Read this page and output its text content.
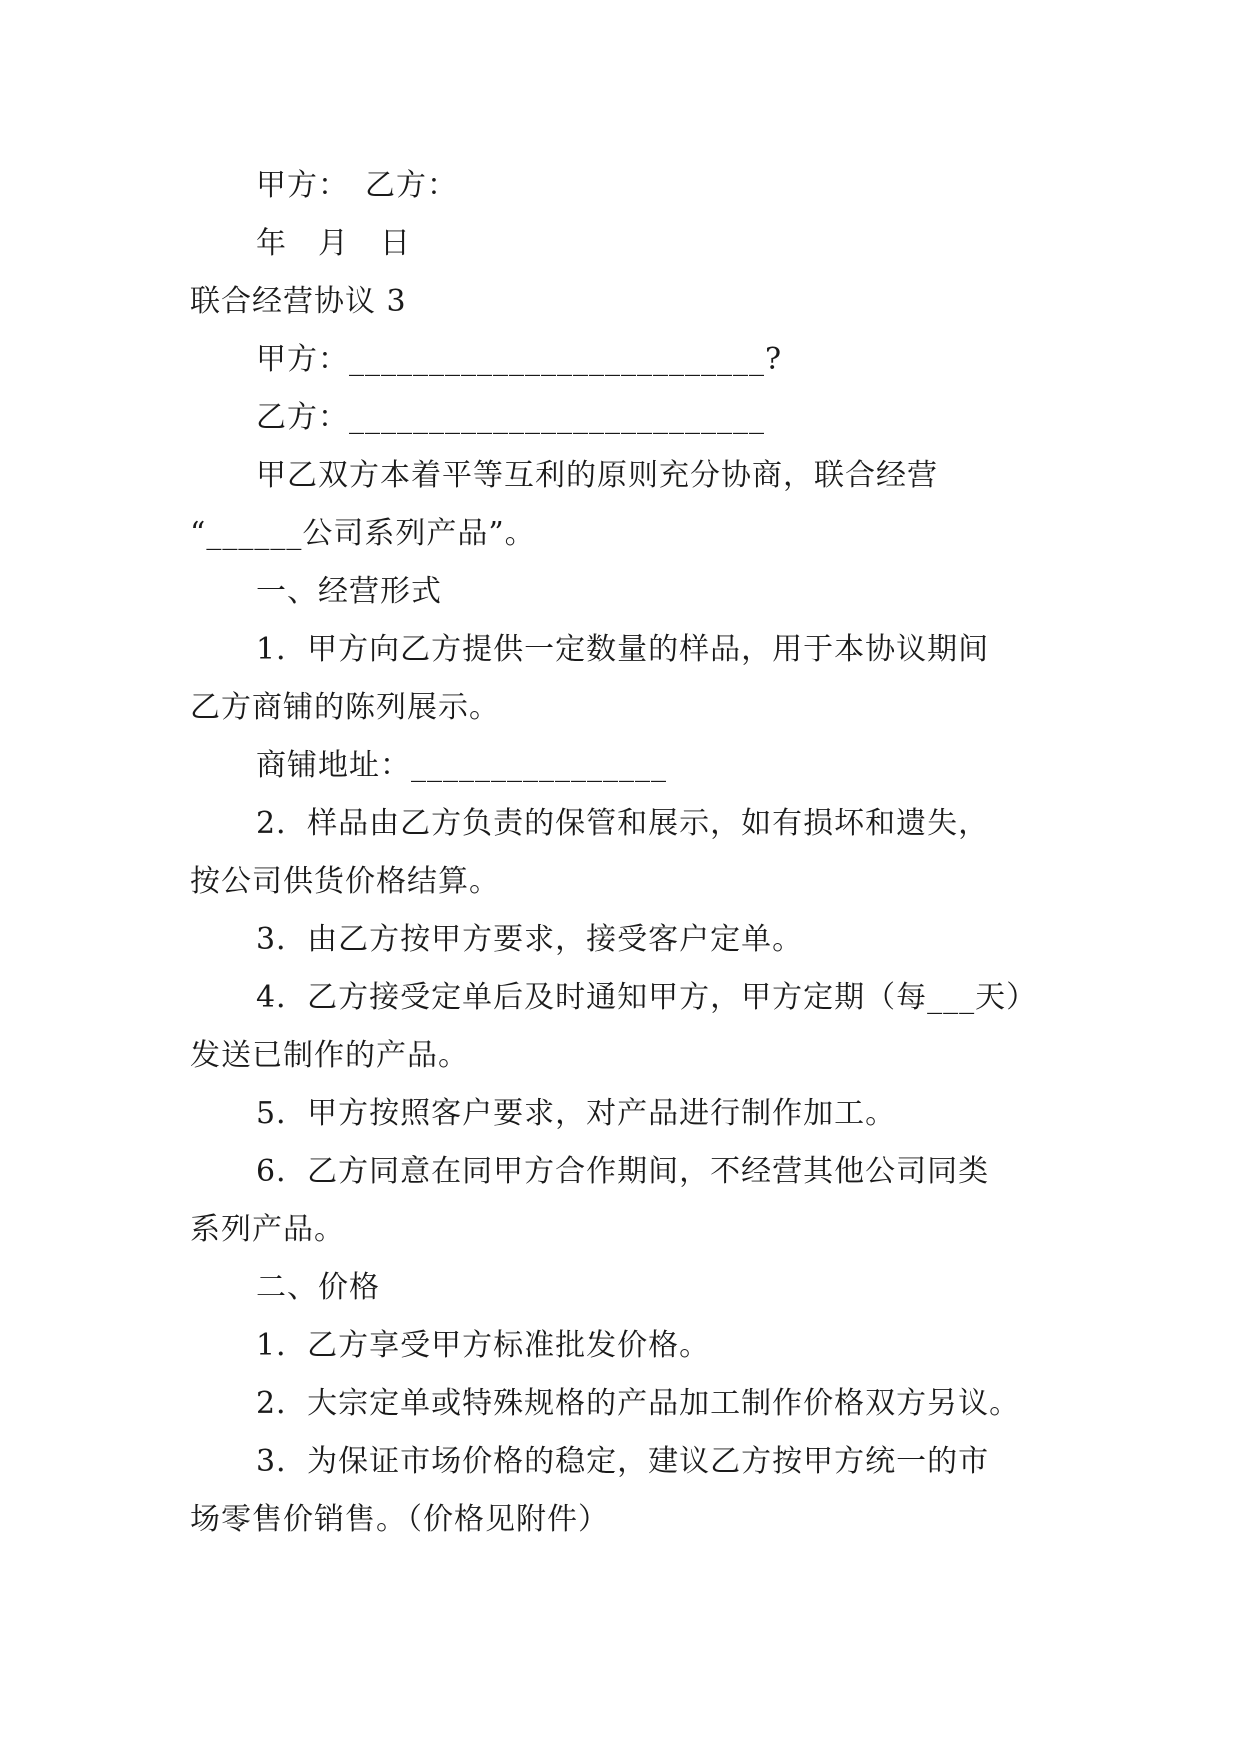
甲方：　乙方：
年　月　日
联合经营协议 3
甲方：__________________________?
乙方：__________________________
甲乙双方本着平等互利的原则充分协商，联合经营
“______公司系列产品”。
一、经营形式
1．甲方向乙方提供一定数量的样品，用于本协议期间
乙方商铺的陈列展示。
商铺地址：________________
2．样品由乙方负责的保管和展示，如有损坏和遗失，
按公司供货价格结算。
3．由乙方按甲方要求，接受客户定单。
4．乙方接受定单后及时通知甲方，甲方定期（每___天）
发送已制作的产品。
5．甲方按照客户要求，对产品进行制作加工。
6．乙方同意在同甲方合作期间，不经营其他公司同类
系列产品。
二、价格
1．乙方享受甲方标准批发价格。
2．大宗定单或特殊规格的产品加工制作价格双方另议。
3．为保证市场价格的稳定，建议乙方按甲方统一的市
场零售价销售。（价格见附件）
